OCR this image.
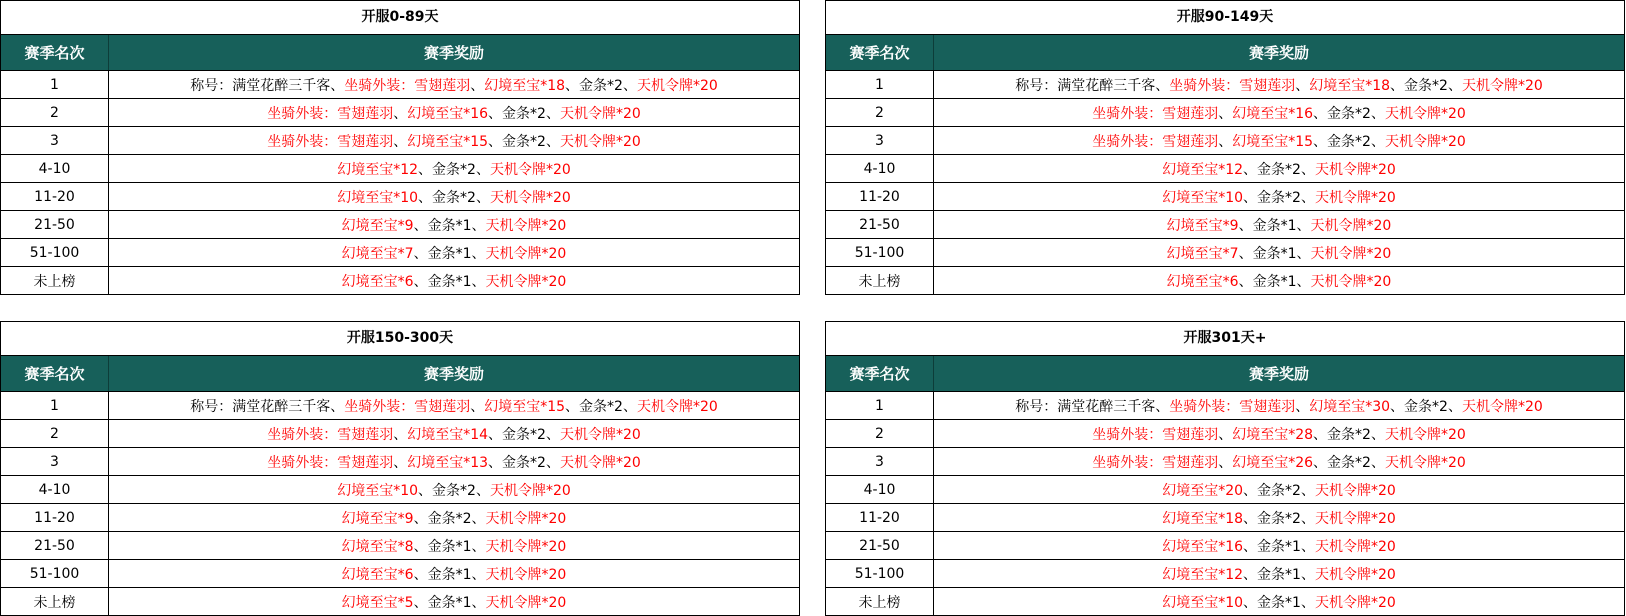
开服0-89天
赛季名次	赛季奖励
1	称号：满堂花醉三千客 、 坐骑外装：雪翅莲羽 、 幻境至宝*18 、金条*2、 天机令牌*20
2	坐骑外装：雪翅莲羽 、 幻境至宝*16 、金条*2、 天机令牌*20
3	坐骑外装：雪翅莲羽 、 幻境至宝*15 、金条*2、 天机令牌*20
4-10	幻境至宝*12 、金条*2、 天机令牌*20
11-20	幻境至宝*10 、金条*2、 天机令牌*20
21-50	幻境至宝*9 、金条*1、 天机令牌*20
51-100	幻境至宝*7 、金条*1、 天机令牌*20
未上榜	幻境至宝*6 、金条*1、 天机令牌*20
开服90-149天
赛季名次	赛季奖励
1	称号：满堂花醉三千客 、 坐骑外装：雪翅莲羽 、 幻境至宝*18 、金条*2、 天机令牌*20
2	坐骑外装：雪翅莲羽 、 幻境至宝*16 、金条*2、 天机令牌*20
3	坐骑外装：雪翅莲羽 、 幻境至宝*15 、金条*2、 天机令牌*20
4-10	幻境至宝*12 、金条*2、 天机令牌*20
11-20	幻境至宝*10 、金条*2、 天机令牌*20
21-50	幻境至宝*9 、金条*1、 天机令牌*20
51-100	幻境至宝*7 、金条*1、 天机令牌*20
未上榜	幻境至宝*6 、金条*1、 天机令牌*20
开服150-300天
赛季名次	赛季奖励
1	称号：满堂花醉三千客 、 坐骑外装：雪翅莲羽 、 幻境至宝*15 、金条*2、 天机令牌*20
2	坐骑外装：雪翅莲羽 、 幻境至宝*14 、金条*2、 天机令牌*20
3	坐骑外装：雪翅莲羽 、 幻境至宝*13 、金条*2、 天机令牌*20
4-10	幻境至宝*10 、金条*2、 天机令牌*20
11-20	幻境至宝*9 、金条*2、 天机令牌*20
21-50	幻境至宝*8 、金条*1、 天机令牌*20
51-100	幻境至宝*6 、金条*1、 天机令牌*20
未上榜	幻境至宝*5 、金条*1、 天机令牌*20
开服301天+
赛季名次	赛季奖励
1	称号：满堂花醉三千客 、 坐骑外装：雪翅莲羽 、 幻境至宝*30 、金条*2、 天机令牌*20
2	坐骑外装：雪翅莲羽 、 幻境至宝*28 、金条*2、 天机令牌*20
3	坐骑外装：雪翅莲羽 、 幻境至宝*26 、金条*2、 天机令牌*20
4-10	幻境至宝*20 、金条*2、 天机令牌*20
11-20	幻境至宝*18 、金条*2、 天机令牌*20
21-50	幻境至宝*16 、金条*1、 天机令牌*20
51-100	幻境至宝*12 、金条*1、 天机令牌*20
未上榜	幻境至宝*10 、金条*1、 天机令牌*20
